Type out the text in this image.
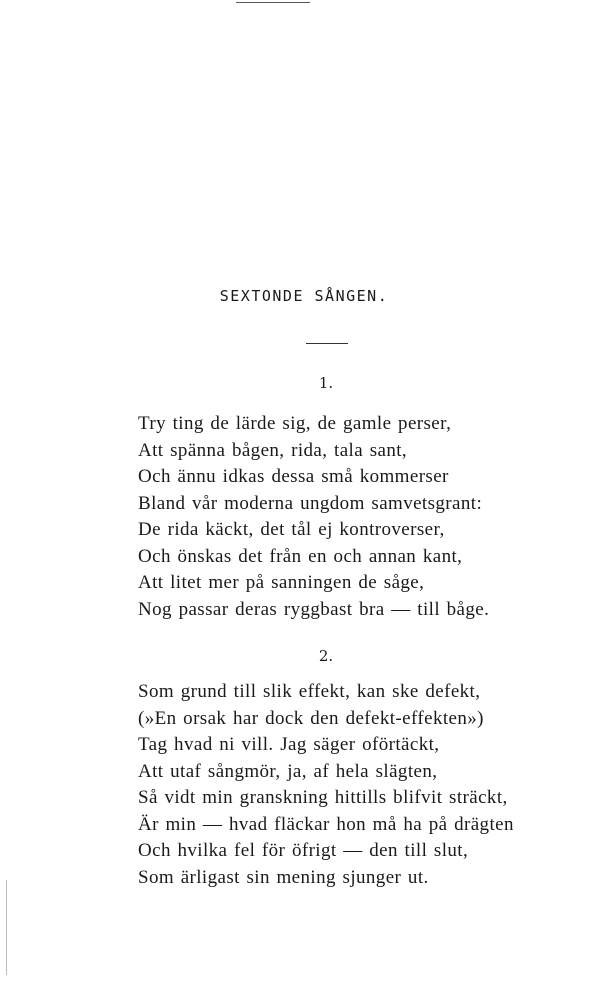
SEXTONDE SÅNGEN.
1.
Try ting de lärde sig, de gamle perser,
Att spänna bågen, rida, tala sant,
Och ännu idkas dessa små kommerser
Bland vår moderna ungdom samvetsgrant:
De rida käckt, det tål ej kontroverser,
Och önskas det från en och annan kant,
Att litet mer på sanningen de såge,
Nog passar deras ryggbast bra — till båge.
2.
Som grund till slik effekt, kan ske defekt,
(»En orsak har dock den defekt-effekten»)
Tag hvad ni vill. Jag säger oförtäckt,
Att utaf sångmör, ja, af hela slägten,
Så vidt min granskning hittills blifvit sträckt,
Är min — hvad fläckar hon må ha på drägten
Och hvilka fel för öfrigt — den till slut,
Som ärligast sin mening sjunger ut.
